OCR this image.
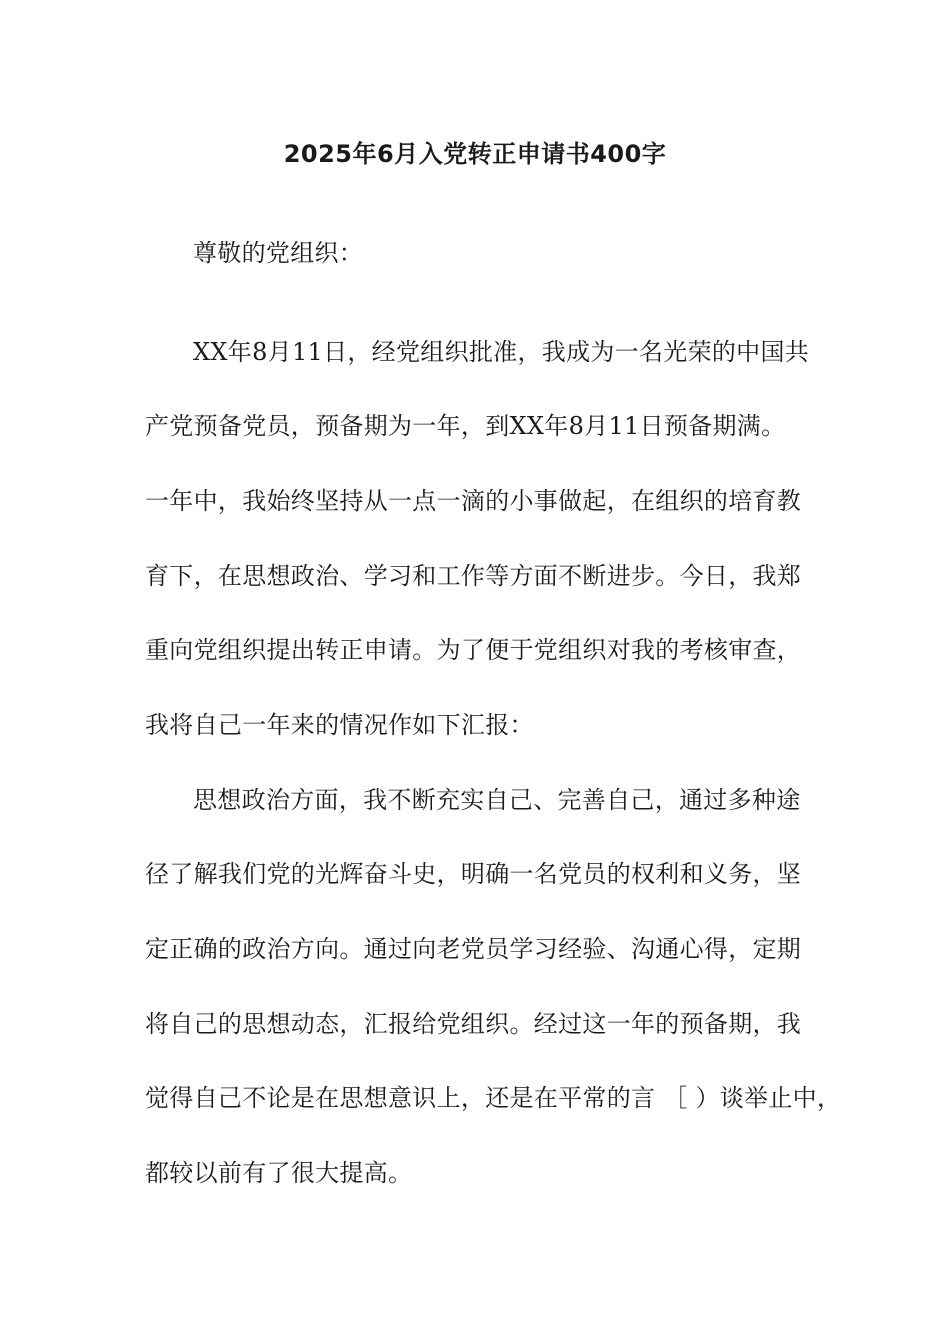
2025年6月入党转正申请书400字
尊敬的党组织：
XX年8月11日，经党组织批准，我成为一名光荣的中国共
产党预备党员，预备期为一年，到XX年8月11日预备期满。
一年中，我始终坚持从一点一滴的小事做起，在组织的培育教
育下，在思想政治、学习和工作等方面不断进步。今日，我郑
重向党组织提出转正申请。为了便于党组织对我的考核审查，
我将自己一年来的情况作如下汇报：
思想政治方面，我不断充实自己、完善自己，通过多种途
径了解我们党的光辉奋斗史，明确一名党员的权利和义务，坚
定正确的政治方向。通过向老党员学习经验、沟通心得，定期
将自己的思想动态，汇报给党组织。经过这一年的预备期，我
觉得自己不论是在思想意识上，还是在平常的言 ［ ）谈举止中，
都较以前有了很大提高。
